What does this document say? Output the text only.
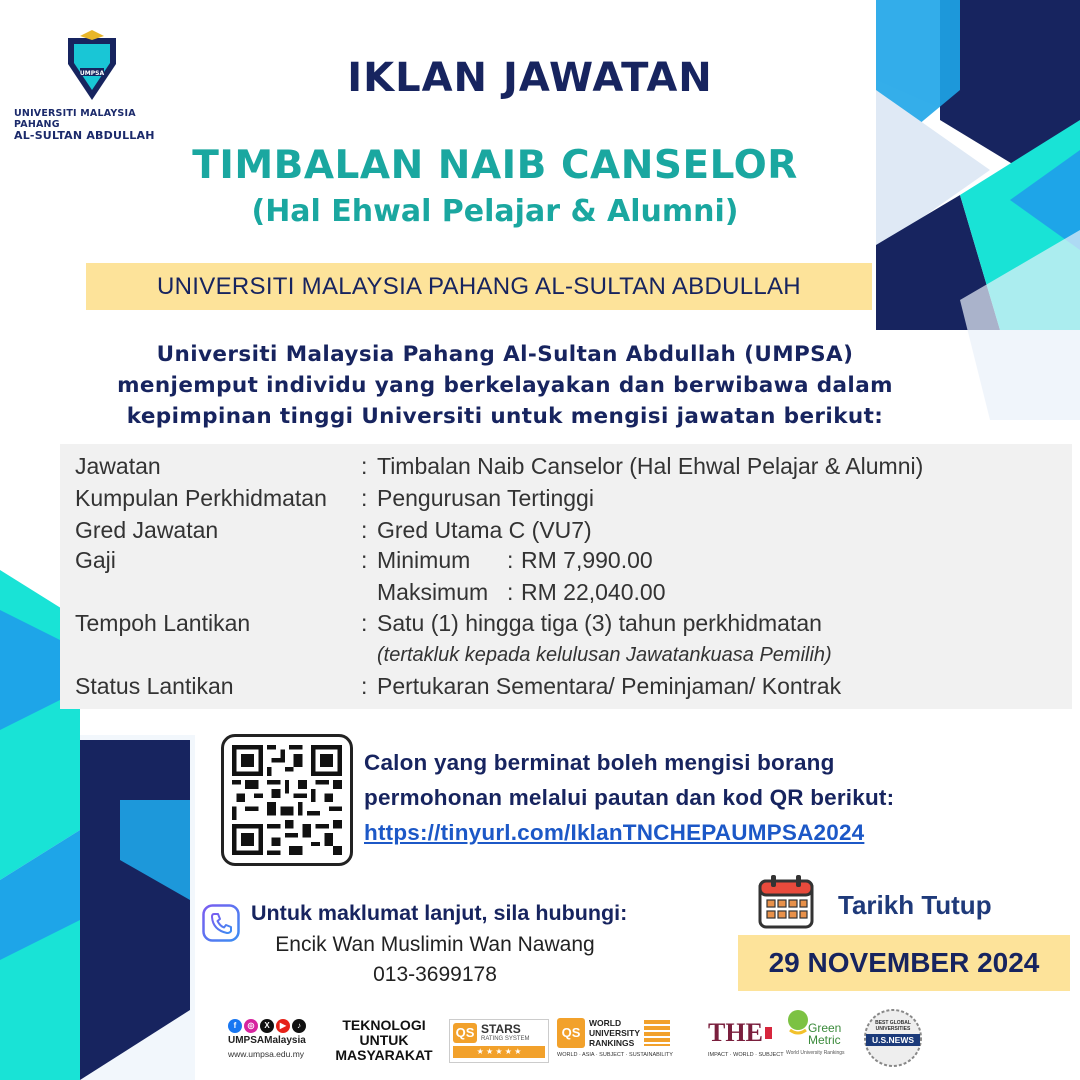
UMPSA
UNIVERSITI MALAYSIA PAHANG
AL-SULTAN ABDULLAH
IKLAN JAWATAN
TIMBALAN NAIB CANSELOR
(Hal Ehwal Pelajar & Alumni)
UNIVERSITI MALAYSIA PAHANG AL-SULTAN ABDULLAH
Universiti Malaysia Pahang Al-Sultan Abdullah (UMPSA)
menjemput individu yang berkelayakan dan berwibawa dalam
kepimpinan tinggi Universiti untuk mengisi jawatan berikut:
Jawatan	: Timbalan Naib Canselor (Hal Ehwal Pelajar & Alumni)
Kumpulan Perkhidmatan : Pengurusan Tertinggi
Gred Jawatan	: Gred Utama C (VU7)
Gaji	: Minimum : RM 7,990.00
Maksimum : RM 22,040.00
Tempoh Lantikan	: Satu (1) hingga tiga (3) tahun perkhidmatan
(tertakluk kepada kelulusan Jawatankuasa Pemilih)
Status Lantikan	: Pertukaran Sementara/ Peminjaman/ Kontrak
Calon yang berminat boleh mengisi borang
permohonan melalui pautan dan kod QR berikut:
https://tinyurl.com/IklanTNCHEPAUMPSA2024
Untuk maklumat lanjut, sila hubungi:
Encik Wan Muslimin Wan Nawang
013-3699178
Tarikh Tutup
29 NOVEMBER 2024
f	◎	X	▶	♪
UMPSAMalaysia
www.umpsa.edu.my
TEKNOLOGI
UNTUK
MASYARAKAT
QS STARS
RATING SYSTEM
★ ★ ★ ★ ★
QS
WORLD
UNIVERSITY
RANKINGS
WORLD · ASIA · SUBJECT · SUSTAINABILITY
THE
IMPACT · WORLD · SUBJECT
Green
Metric
World University Rankings
BEST GLOBAL UNIVERSITIES
U.S.NEWS
